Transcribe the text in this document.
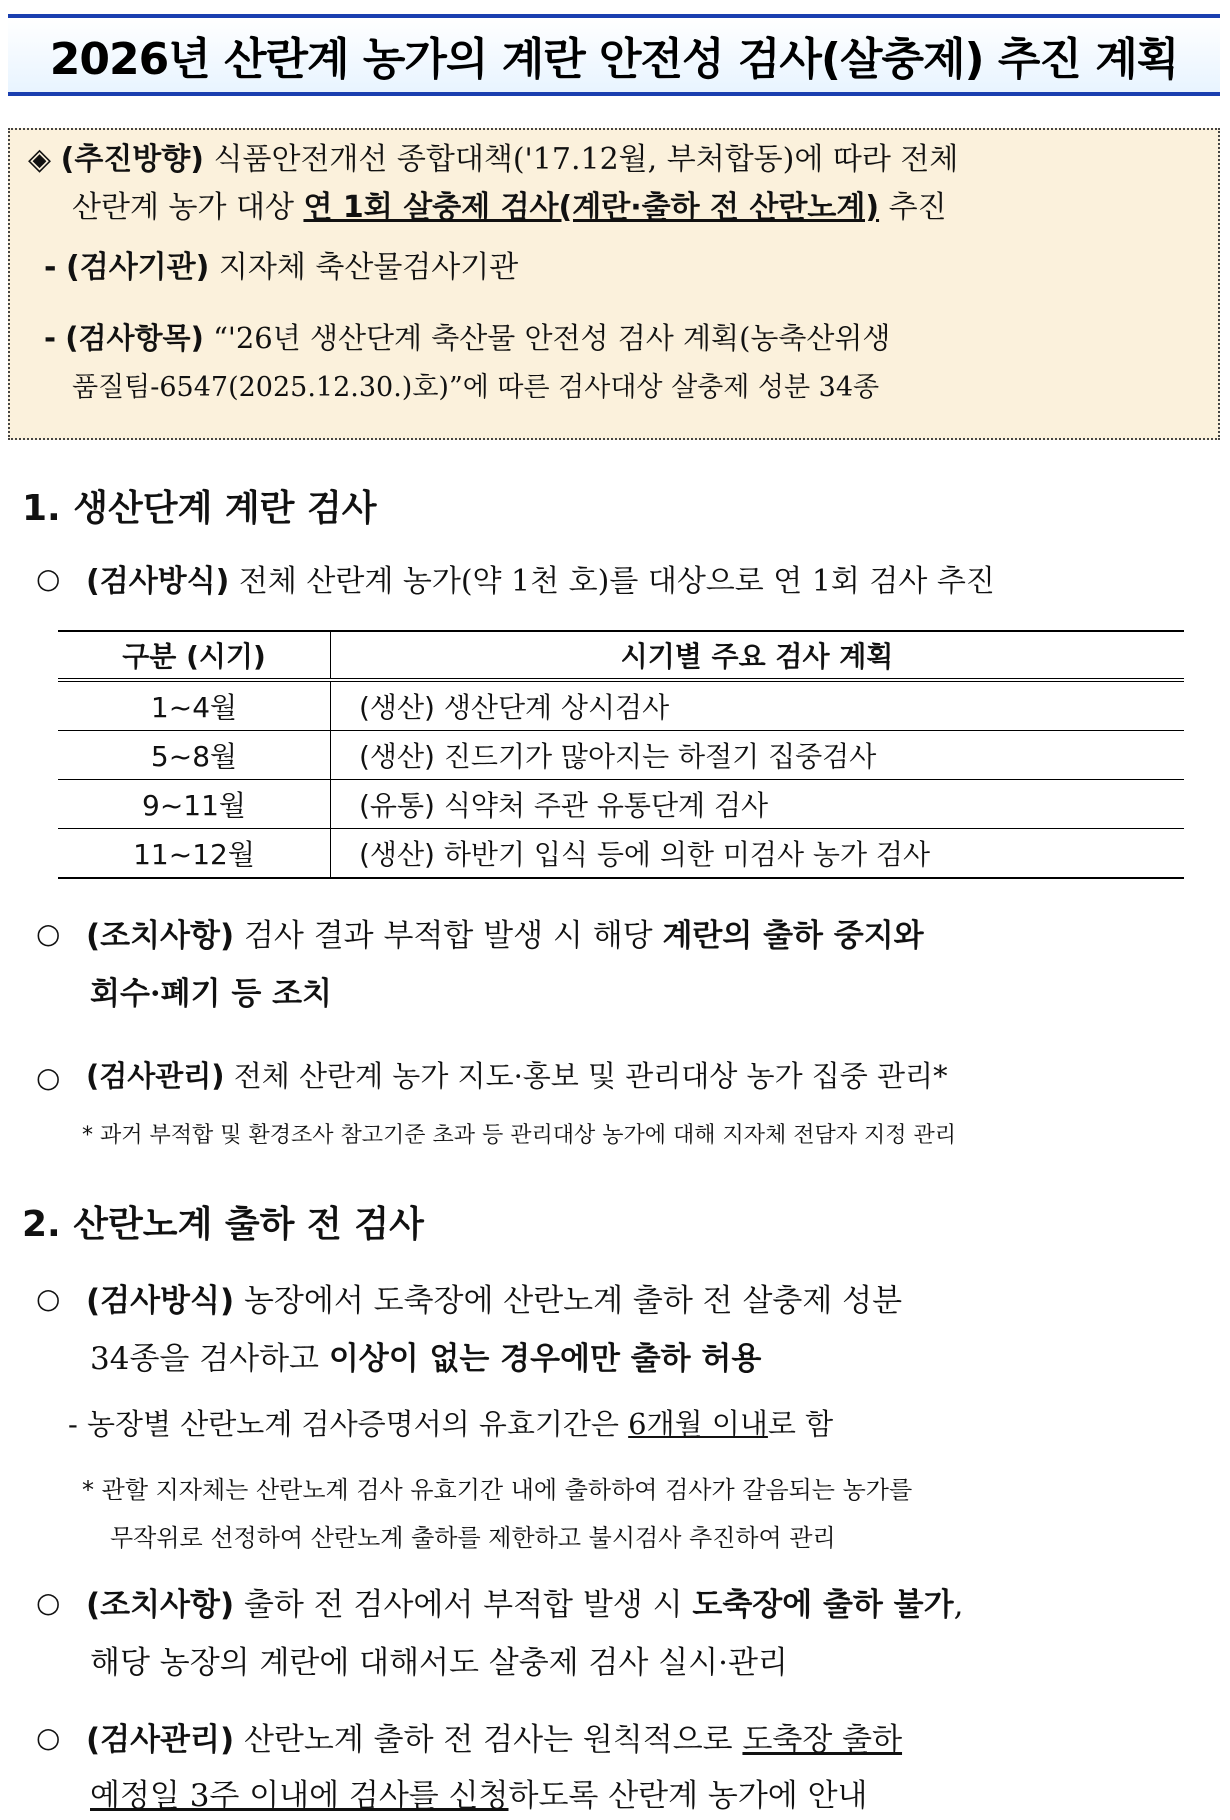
2026년 산란계 농가의 계란 안전성 검사(살충제) 추진 계획
◈ (추진방향) 식품안전개선 종합대책('17.12월, 부처합동)에 따라 전체
산란계 농가 대상 연 1회 살충제 검사(계란·출하 전 산란노계) 추진
- (검사기관) 지자체 축산물검사기관
- (검사항목) “'26년 생산단계 축산물 안전성 검사 계획(농축산위생
품질팀-6547(2025.12.30.)호)”에 따른 검사대상 살충제 성분 34종
1. 생산단계 계란 검사
○ (검사방식) 전체 산란계 농가(약 1천 호)를 대상으로 연 1회 검사 추진
구분 (시기)	시기별 주요 검사 계획
1~4월	(생산) 생산단계 상시검사
5~8월	(생산) 진드기가 많아지는 하절기 집중검사
9~11월	(유통) 식약처 주관 유통단계 검사
11~12월	(생산) 하반기 입식 등에 의한 미검사 농가 검사
○ (조치사항) 검사 결과 부적합 발생 시 해당 계란의 출하 중지와
회수·폐기 등 조치
○ (검사관리) 전체 산란계 농가 지도·홍보 및 관리대상 농가 집중 관리*
* 과거 부적합 및 환경조사 참고기준 초과 등 관리대상 농가에 대해 지자체 전담자 지정 관리
2. 산란노계 출하 전 검사
○ (검사방식) 농장에서 도축장에 산란노계 출하 전 살충제 성분
34종을 검사하고 이상이 없는 경우에만 출하 허용
- 농장별 산란노계 검사증명서의 유효기간은 6개월 이내로 함
* 관할 지자체는 산란노계 검사 유효기간 내에 출하하여 검사가 갈음되는 농가를
무작위로 선정하여 산란노계 출하를 제한하고 불시검사 추진하여 관리
○ (조치사항) 출하 전 검사에서 부적합 발생 시 도축장에 출하 불가,
해당 농장의 계란에 대해서도 살충제 검사 실시·관리
○ (검사관리) 산란노계 출하 전 검사는 원칙적으로 도축장 출하
예정일 3주 이내에 검사를 신청하도록 산란계 농가에 안내
